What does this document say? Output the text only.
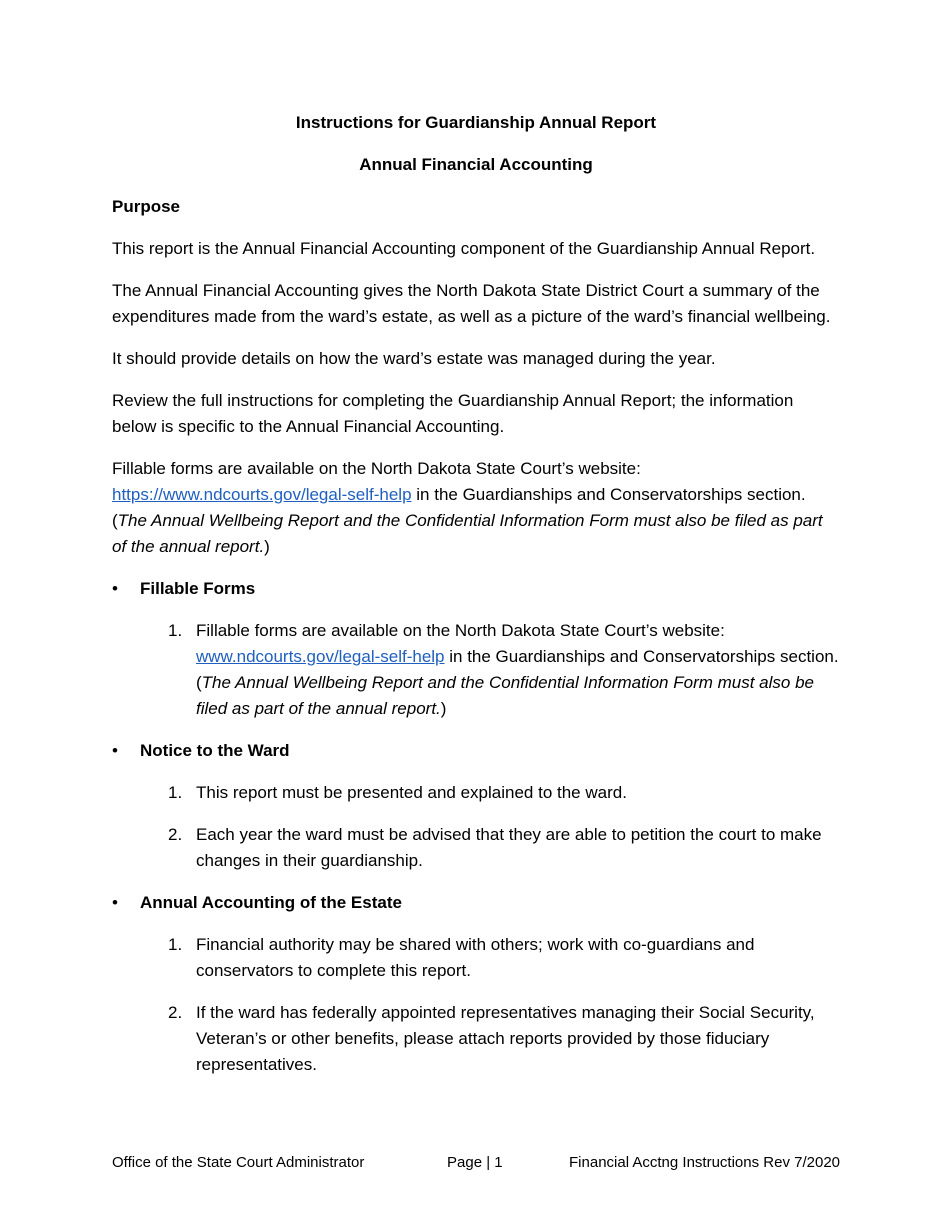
Instructions for Guardianship Annual Report
Annual Financial Accounting
Purpose

This report is the Annual Financial Accounting component of the Guardianship Annual Report.

The Annual Financial Accounting gives the North Dakota State District Court a summary of the expenditures made from the ward’s estate, as well as a picture of the ward’s financial wellbeing.

It should provide details on how the ward’s estate was managed during the year.

Review the full instructions for completing the Guardianship Annual Report; the information below is specific to the Annual Financial Accounting.

Fillable forms are available on the North Dakota State Court’s website:
https://www.ndcourts.gov/legal-self-help in the Guardianships and Conservatorships section.
(The Annual Wellbeing Report and the Confidential Information Form must also be filed as part of the annual report.)

• Fillable Forms
1. Fillable forms are available on the North Dakota State Court’s website: www.ndcourts.gov/legal-self-help in the Guardianships and Conservatorships section. (The Annual Wellbeing Report and the Confidential Information Form must also be filed as part of the annual report.)
• Notice to the Ward
1. This report must be presented and explained to the ward.
2. Each year the ward must be advised that they are able to petition the court to make changes in their guardianship.
• Annual Accounting of the Estate
1. Financial authority may be shared with others; work with co-guardians and conservators to complete this report.
2. If the ward has federally appointed representatives managing their Social Security, Veteran’s or other benefits, please attach reports provided by those fiduciary representatives.
Office of the State Court Administrator	Page | 1	Financial Acctng Instructions Rev 7/2020
